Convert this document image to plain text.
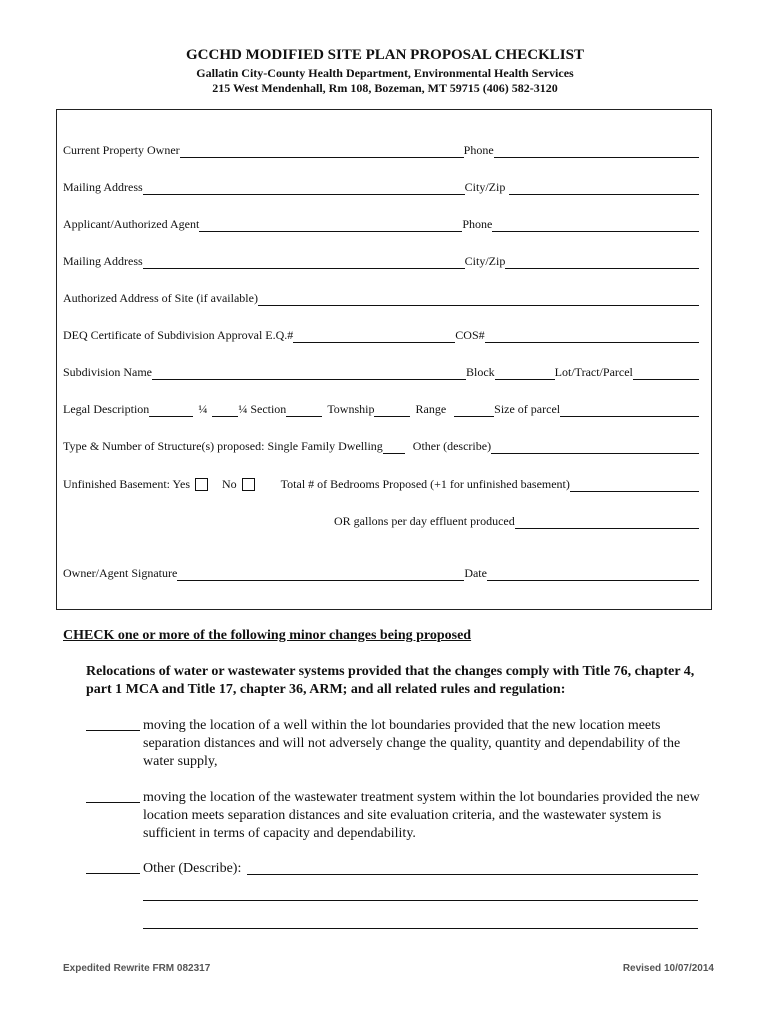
GCCHD MODIFIED SITE PLAN PROPOSAL CHECKLIST
Gallatin City-County Health Department, Environmental Health Services
215 West Mendenhall, Rm 108, Bozeman, MT 59715 (406) 582-3120
Current Property Owner	Phone
Mailing Address	City/Zip
Applicant/Authorized Agent	Phone
Mailing Address	City/Zip
Authorized Address of Site (if available)
DEQ Certificate of Subdivision Approval E.Q.#	COS#
Subdivision Name	Block	Lot/Tract/Parcel
Legal Description	¼	¼ Section	Township	Range	Size of parcel
Type & Number of Structure(s) proposed: Single Family Dwelling	Other (describe)
Unfinished Basement: Yes	No	Total # of Bedrooms Proposed (+1 for unfinished basement)
OR gallons per day effluent produced
Owner/Agent Signature	Date
CHECK one or more of the following minor changes being proposed
Relocations of water or wastewater systems provided that the changes comply with Title 76, chapter 4, part 1 MCA and Title 17, chapter 36, ARM; and all related rules and regulation:
moving the location of a well within the lot boundaries provided that the new location meets separation distances and will not adversely change the quality, quantity and dependability of the water supply,
moving the location of the wastewater treatment system within the lot boundaries provided the new location meets separation distances and site evaluation criteria, and the wastewater system is sufficient in terms of capacity and dependability.
Other (Describe):
Expedited Rewrite FRM 082317	Revised 10/07/2014
